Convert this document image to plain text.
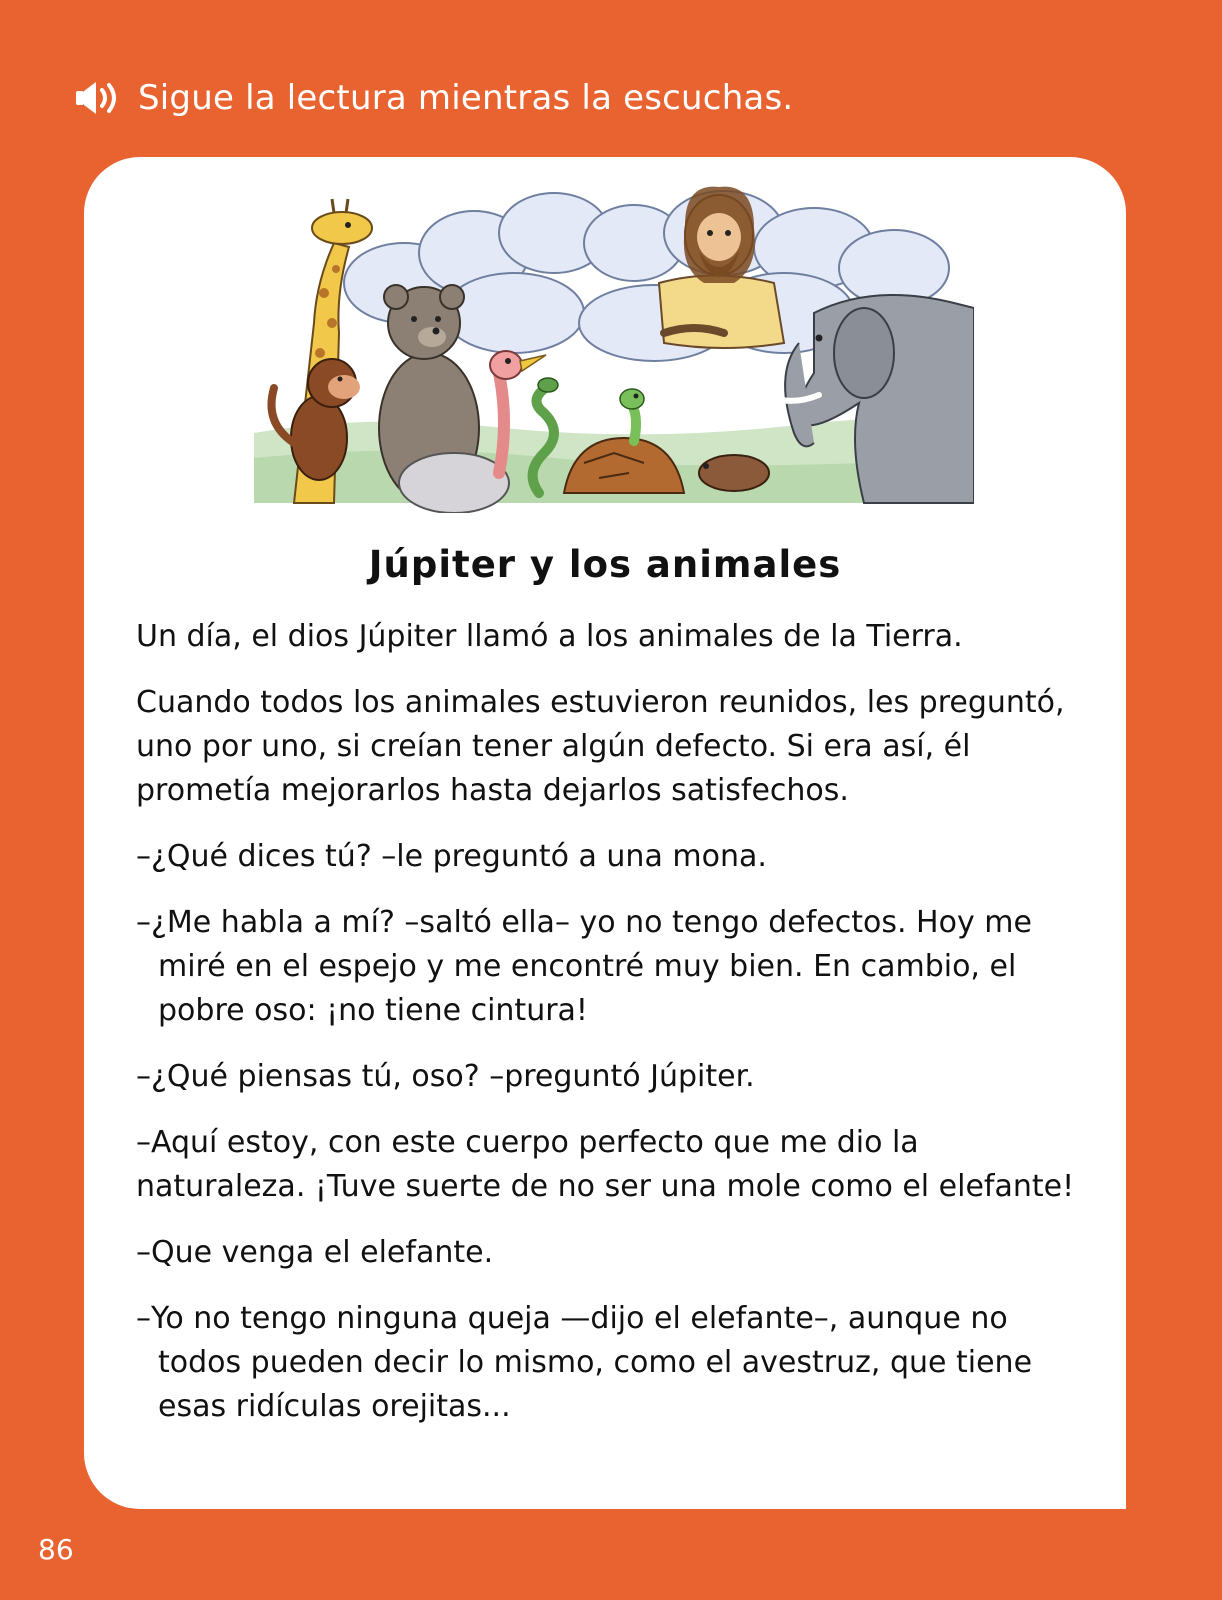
Sigue la lectura mientras la escuchas.
Júpiter y los animales

Un día, el dios Júpiter llamó a los animales de la Tierra.

Cuando todos los animales estuvieron reunidos, les preguntó, uno por uno, si creían tener algún defecto. Si era así, él prometía mejorarlos hasta dejarlos satisfechos.

–¿Qué dices tú? –le preguntó a una mona.

–¿Me habla a mí? –saltó ella– yo no tengo defectos. Hoy me miré en el espejo y me encontré muy bien. En cambio, el pobre oso: ¡no tiene cintura!

–¿Qué piensas tú, oso? –preguntó Júpiter.

–Aquí estoy, con este cuerpo perfecto que me dio la naturaleza. ¡Tuve suerte de no ser una mole como el elefante!

–Que venga el elefante.

–Yo no tengo ninguna queja —dijo el elefante–, aunque no todos pueden decir lo mismo, como el avestruz, que tiene esas ridículas orejitas...

86
